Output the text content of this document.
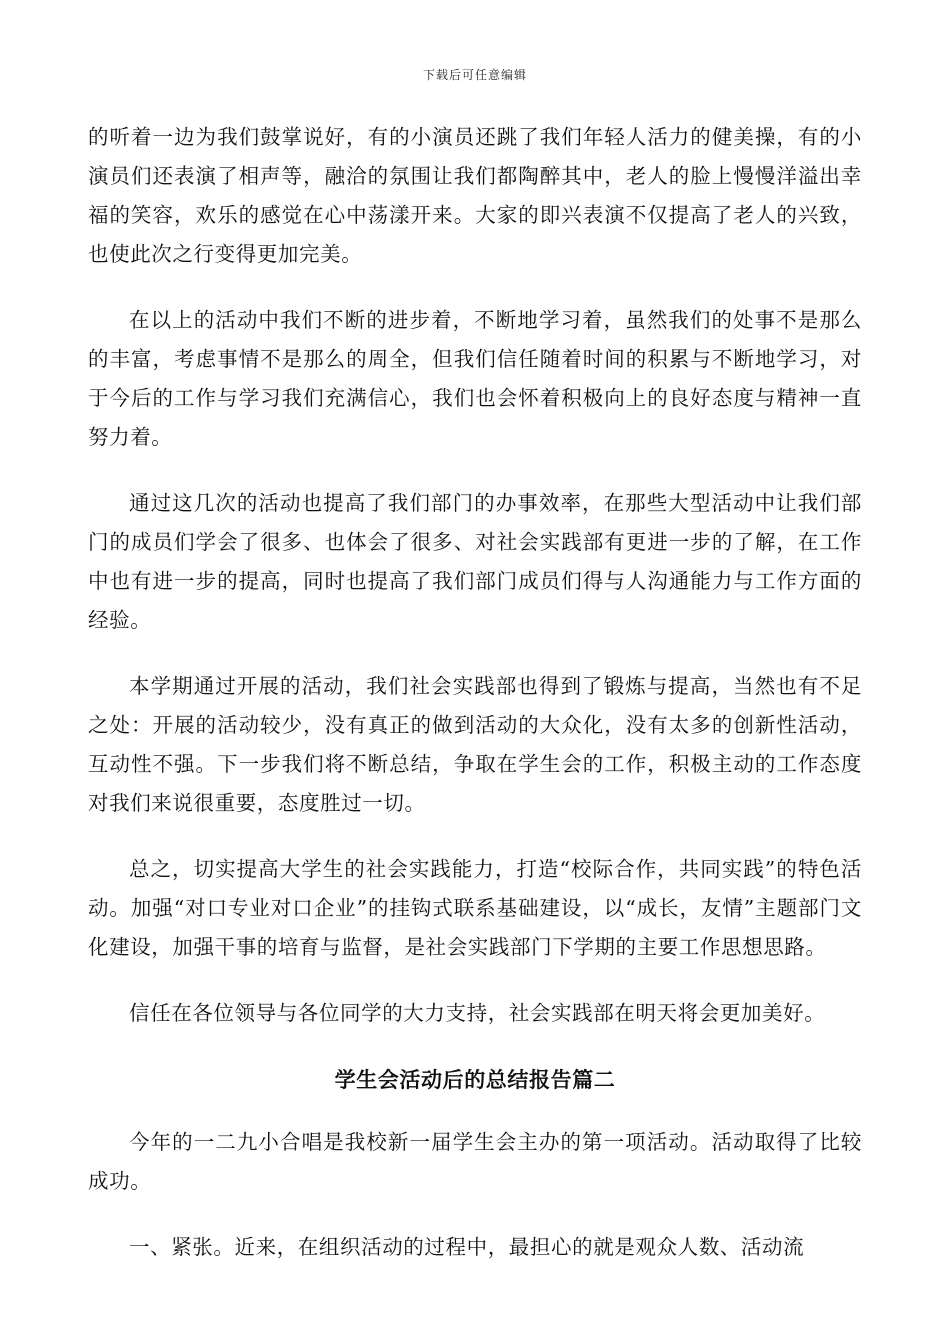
下载后可任意编辑

的听着一边为我们鼓掌说好，有的小演员还跳了我们年轻人活力的健美操，有的小演员们还表演了相声等，融洽的氛围让我们都陶醉其中，老人的脸上慢慢洋溢出幸福的笑容，欢乐的感觉在心中荡漾开来。大家的即兴表演不仅提高了老人的兴致，也使此次之行变得更加完美。

在以上的活动中我们不断的进步着，不断地学习着，虽然我们的处事不是那么的丰富，考虑事情不是那么的周全，但我们信任随着时间的积累与不断地学习，对于今后的工作与学习我们充满信心，我们也会怀着积极向上的良好态度与精神一直努力着。

通过这几次的活动也提高了我们部门的办事效率，在那些大型活动中让我们部门的成员们学会了很多、也体会了很多、对社会实践部有更进一步的了解，在工作中也有进一步的提高，同时也提高了我们部门成员们得与人沟通能力与工作方面的经验。

本学期通过开展的活动，我们社会实践部也得到了锻炼与提高，当然也有不足之处：开展的活动较少，没有真正的做到活动的大众化，没有太多的创新性活动，互动性不强。下一步我们将不断总结，争取在学生会的工作，积极主动的工作态度对我们来说很重要，态度胜过一切。

总之，切实提高大学生的社会实践能力，打造“校际合作，共同实践”的特色活动。加强“对口专业对口企业”的挂钩式联系基础建设，以“成长，友情”主题部门文化建设，加强干事的培育与监督，是社会实践部门下学期的主要工作思想思路。

信任在各位领导与各位同学的大力支持，社会实践部在明天将会更加美好。

学生会活动后的总结报告篇二

今年的一二九小合唱是我校新一届学生会主办的第一项活动。活动取得了比较成功。

一、紧张。近来，在组织活动的过程中，最担心的就是观众人数、活动流
